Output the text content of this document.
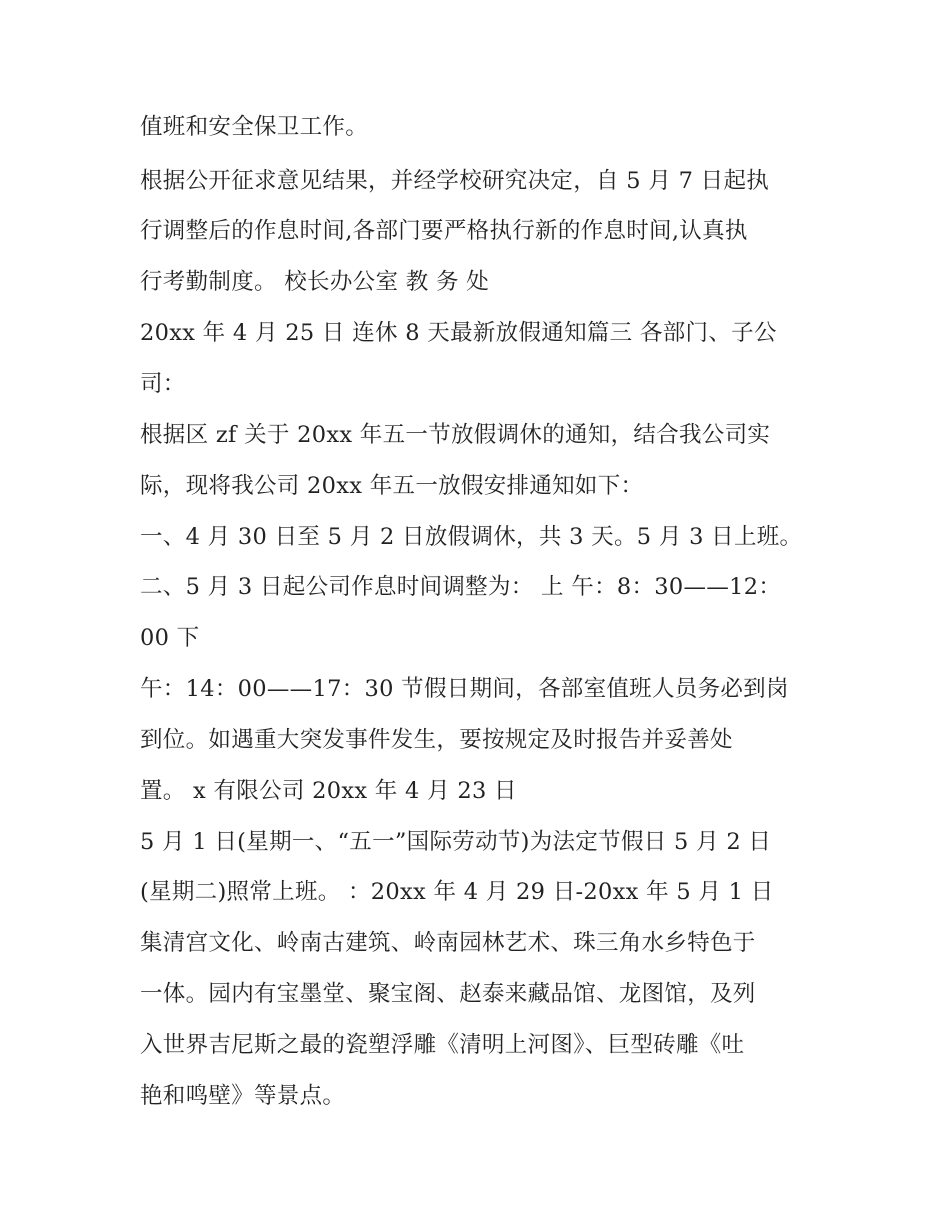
值班和安全保卫工作。

根据公开征求意见结果，并经学校研究决定，自 5 月 7 日起执

行调整后的作息时间,各部门要严格执行新的作息时间,认真执

行考勤制度。 校长办公室 教 务 处

20xx 年 4 月 25 日 连休 8 天最新放假通知篇三 各部门、子公

司：

根据区 zf 关于 20xx 年五一节放假调休的通知，结合我公司实

际，现将我公司 20xx 年五一放假安排通知如下：

一、4 月 30 日至 5 月 2 日放假调休，共 3 天。5 月 3 日上班。

二、5 月 3 日起公司作息时间调整为： 上 午：8：30——12：

00 下

午：14：00——17：30 节假日期间，各部室值班人员务必到岗

到位。如遇重大突发事件发生，要按规定及时报告并妥善处

置。 x 有限公司 20xx 年 4 月 23 日

5 月 1 日(星期一、“五一”国际劳动节)为法定节假日 5 月 2 日

(星期二)照常上班。 ：20xx 年 4 月 29 日-20xx 年 5 月 1 日

集清宫文化、岭南古建筑、岭南园林艺术、珠三角水乡特色于

一体。园内有宝墨堂、聚宝阁、赵泰来藏品馆、龙图馆，及列

入世界吉尼斯之最的瓷塑浮雕《清明上河图》、巨型砖雕《吐

艳和鸣壁》等景点。
